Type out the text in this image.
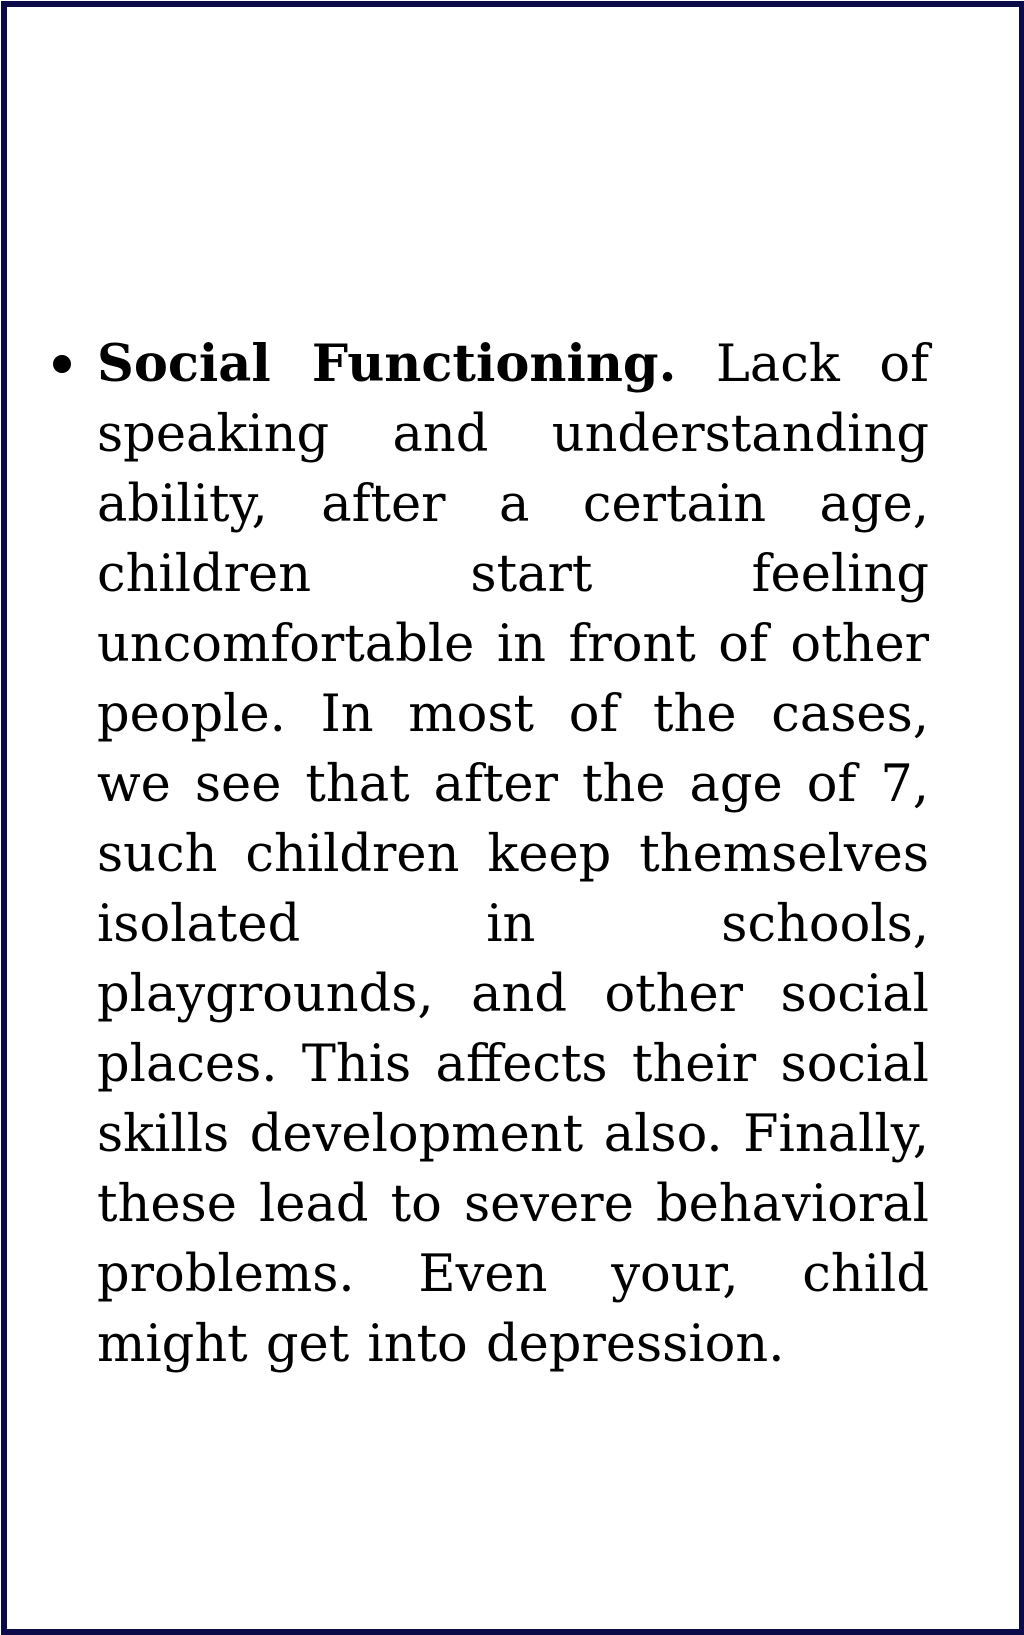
Social Functioning. Lack of speaking and understanding ability, after a certain age, children start feeling uncomfortable in front of other people. In most of the cases, we see that after the age of 7, such children keep themselves isolated in schools, playgrounds, and other social places. This affects their social skills development also. Finally, these lead to severe behavioral problems. Even your, child might get into depression.
